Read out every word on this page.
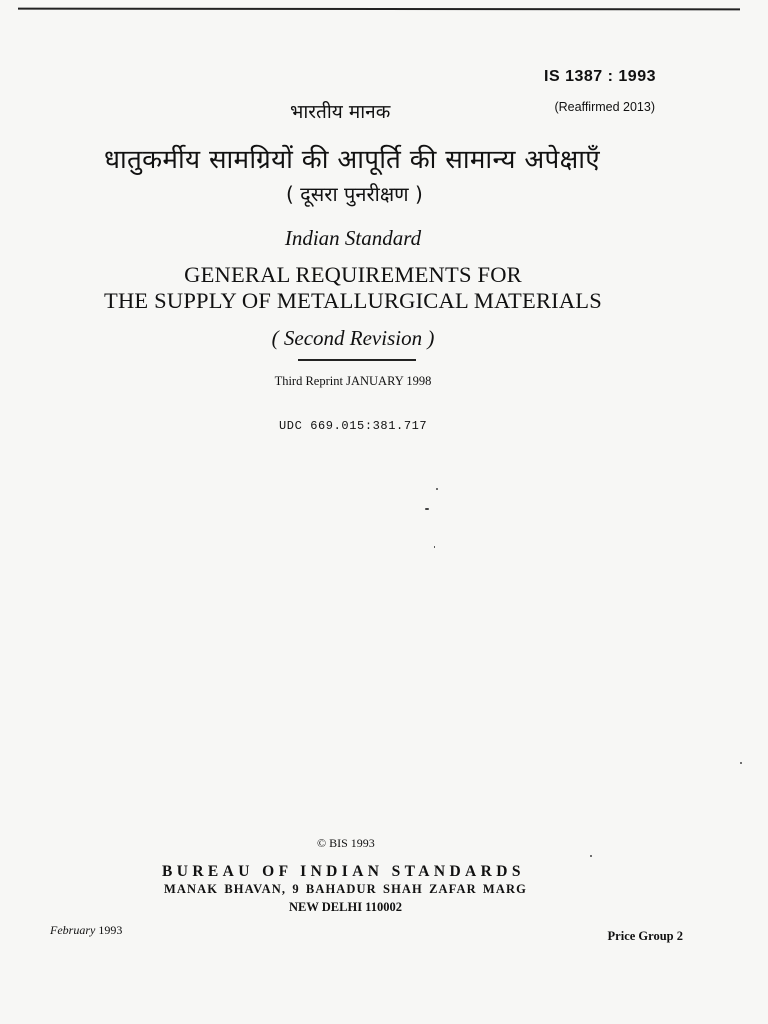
IS 1387 : 1993
(Reaffirmed 2013)
भारतीय मानक
धातुकर्मीय सामग्रियों की आपूर्ति की सामान्य अपेक्षाएँ
( दूसरा पुनरीक्षण )
Indian Standard
GENERAL REQUIREMENTS FOR
THE SUPPLY OF METALLURGICAL MATERIALS
( Second Revision )
Third Reprint JANUARY 1998
UDC 669.015:381.717
© BIS 1993
BUREAU OF INDIAN STANDARDS
MANAK BHAVAN, 9 BAHADUR SHAH ZAFAR MARG
NEW DELHI 110002
February 1993	Price Group 2
